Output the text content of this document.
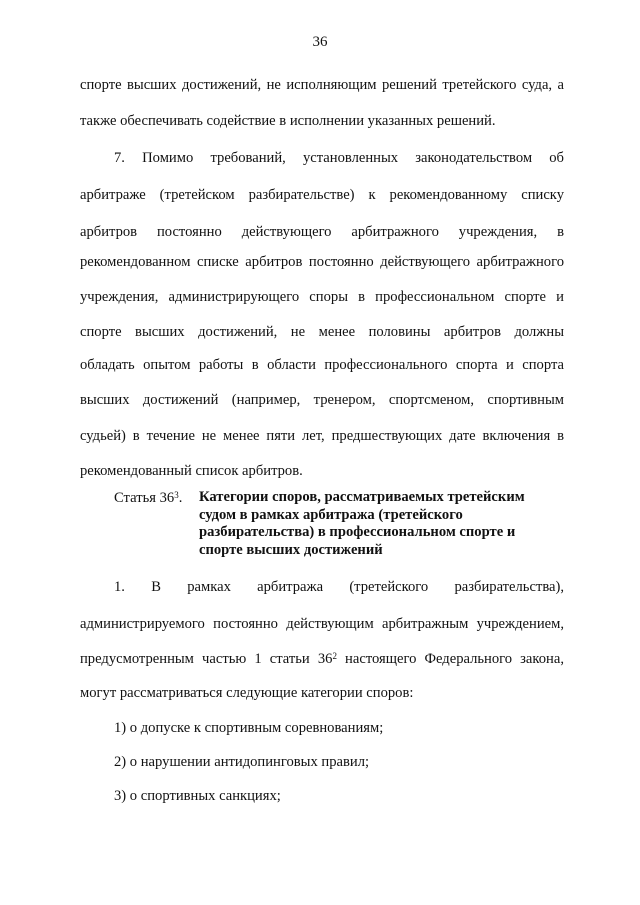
36
спорте высших достижений, не исполняющим решений третейского суда, а
также обеспечивать содействие в исполнении указанных решений.
7. Помимо требований, установленных законодательством об
арбитраже (третейском разбирательстве) к рекомендованному списку
арбитров постоянно действующего арбитражного учреждения, в
рекомендованном списке арбитров постоянно действующего арбитражного
учреждения, администрирующего споры в профессиональном спорте и
спорте высших достижений, не менее половины арбитров должны
обладать опытом работы в области профессионального спорта и спорта
высших достижений (например, тренером, спортсменом, спортивным
судьей) в течение не менее пяти лет, предшествующих дате включения в
рекомендованный список арбитров.
Статья $36^3$. Категории споров, рассматриваемых третейским
судом в рамках арбитража (третейского
разбирательства) в профессиональном спорте и
спорте высших достижений
1. В рамках арбитража (третейского разбирательства),
администрируемого постоянно действующим арбитражным учреждением,
предусмотренным частью 1 статьи $36^2$ настоящего Федерального закона,
могут рассматриваться следующие категории споров:
1) о допуске к спортивным соревнованиям;
2) о нарушении антидопинговых правил;
3) о спортивных санкциях;
